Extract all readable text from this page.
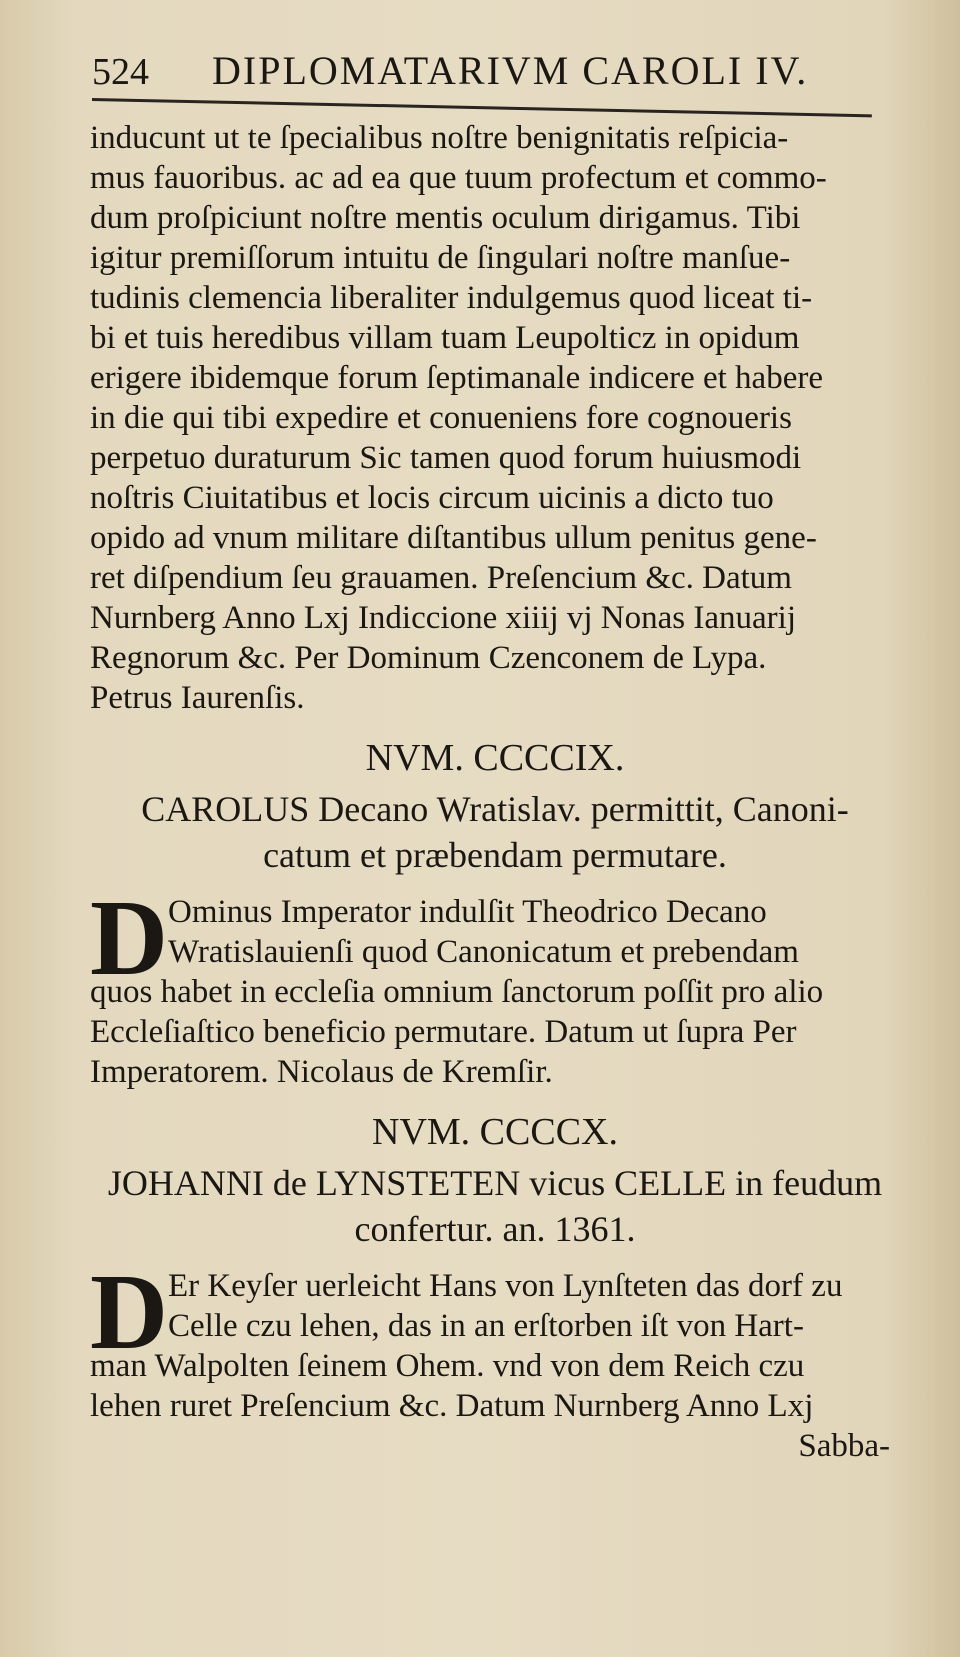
524	DIPLOMATARIVM CAROLI IV.
inducunt ut te ſpecialibus noſtre benignitatis reſpicia-
mus fauoribus. ac ad ea que tuum profectum et commo-
dum proſpiciunt noſtre mentis oculum dirigamus. Tibi
igitur premiſſorum intuitu de ſingulari noſtre manſue-
tudinis clemencia liberaliter indulgemus quod liceat ti-
bi et tuis heredibus villam tuam Leupolticz in opidum
erigere ibidemque forum ſeptimanale indicere et habere
in die qui tibi expedire et conueniens fore cognoueris
perpetuo duraturum Sic tamen quod forum huiusmodi
noſtris Ciuitatibus et locis circum uicinis a dicto tuo
opido ad vnum militare diſtantibus ullum penitus gene-
ret diſpendium ſeu grauamen. Preſencium &c. Datum
Nurnberg Anno Lxj Indiccione xiiij vj Nonas Ianuarij
Regnorum &c. Per Dominum Czenconem de Lypa.
Petrus Iaurenſis.
NVM. CCCCIX.
CAROLUS Decano Wratislav. permittit, Canoni-
catum et præbendam permutare.
D Ominus Imperator indulſit Theodrico Decano
Wratislauienſi quod Canonicatum et prebendam
quos habet in eccleſia omnium ſanctorum poſſit pro alio
Eccleſiaſtico beneficio permutare. Datum ut ſupra Per
Imperatorem. Nicolaus de Kremſir.
NVM. CCCCX.
JOHANNI de LYNSTETEN vicus CELLE in feudum
confertur. an. 1361.
D Er Keyſer uerleicht Hans von Lynſteten das dorf zu
Celle czu lehen, das in an erſtorben iſt von Hart-
man Walpolten ſeinem Ohem. vnd von dem Reich czu
lehen ruret Preſencium &c. Datum Nurnberg Anno Lxj
Sabba-
